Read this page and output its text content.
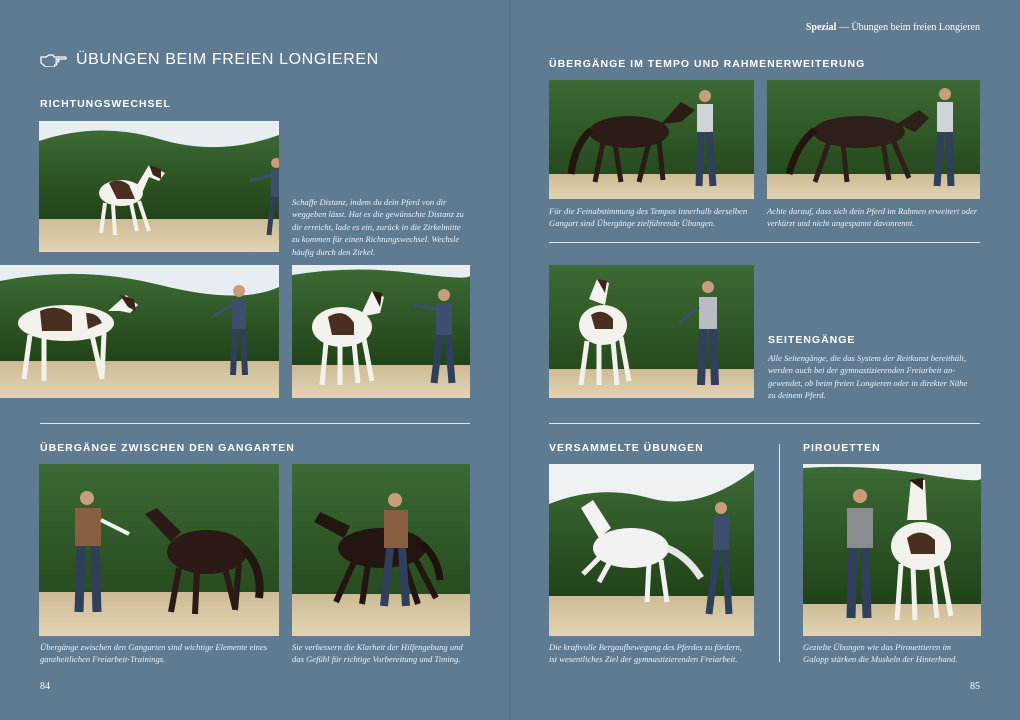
Spezial — Übungen beim freien Longieren
ÜBUNGEN BEIM FREIEN LONGIEREN
RICHTUNGSWECHSEL
Schaffe Distanz, indem du dein Pferd von dir
weggeben lässt. Hat es die gewünschte Distanz zu
dir erreicht, lade es ein, zurück in die Zirkelmitte
zu kommen für einen Richtungswechsel. Wechsle
häufig durch den Zirkel.
ÜBERGÄNGE ZWISCHEN DEN GANGARTEN
Übergänge zwischen den Gangarten sind wichtige Elemente eines
ganzheitlichen Freiarbeit-Trainings.
Sie verbessern die Klarheit der Hilfengebung und
das Gefühl für richtige Vorbereitung und Timing.
84
ÜBERGÄNGE IM TEMPO UND RAHMENERWEITERUNG
Für die Feinabstimmung des Tempos innerhalb derselben
Gangart sind Übergänge zielführende Übungen.
Achte darauf, dass sich dein Pferd im Rahmen erweitert oder
verkürzt und nicht angespannt davonrennt.
SEITENGÄNGE
Alle Seitengänge, die das System der Reitkunst bereithält,
werden auch bei der gymnastizierenden Freiarbeit an-
gewendet, ob beim freien Longieren oder in direkter Nähe
zu deinem Pferd.
VERSAMMELTE ÜBUNGEN	PIROUETTEN
Die kraftvolle Bergaufbewegung des Pferdes zu fördern,
ist wesentliches Ziel der gymnastizierenden Freiarbeit.
Gezielte Übungen wie das Pirouettieren im
Galopp stärken die Muskeln der Hinterhand.
85
